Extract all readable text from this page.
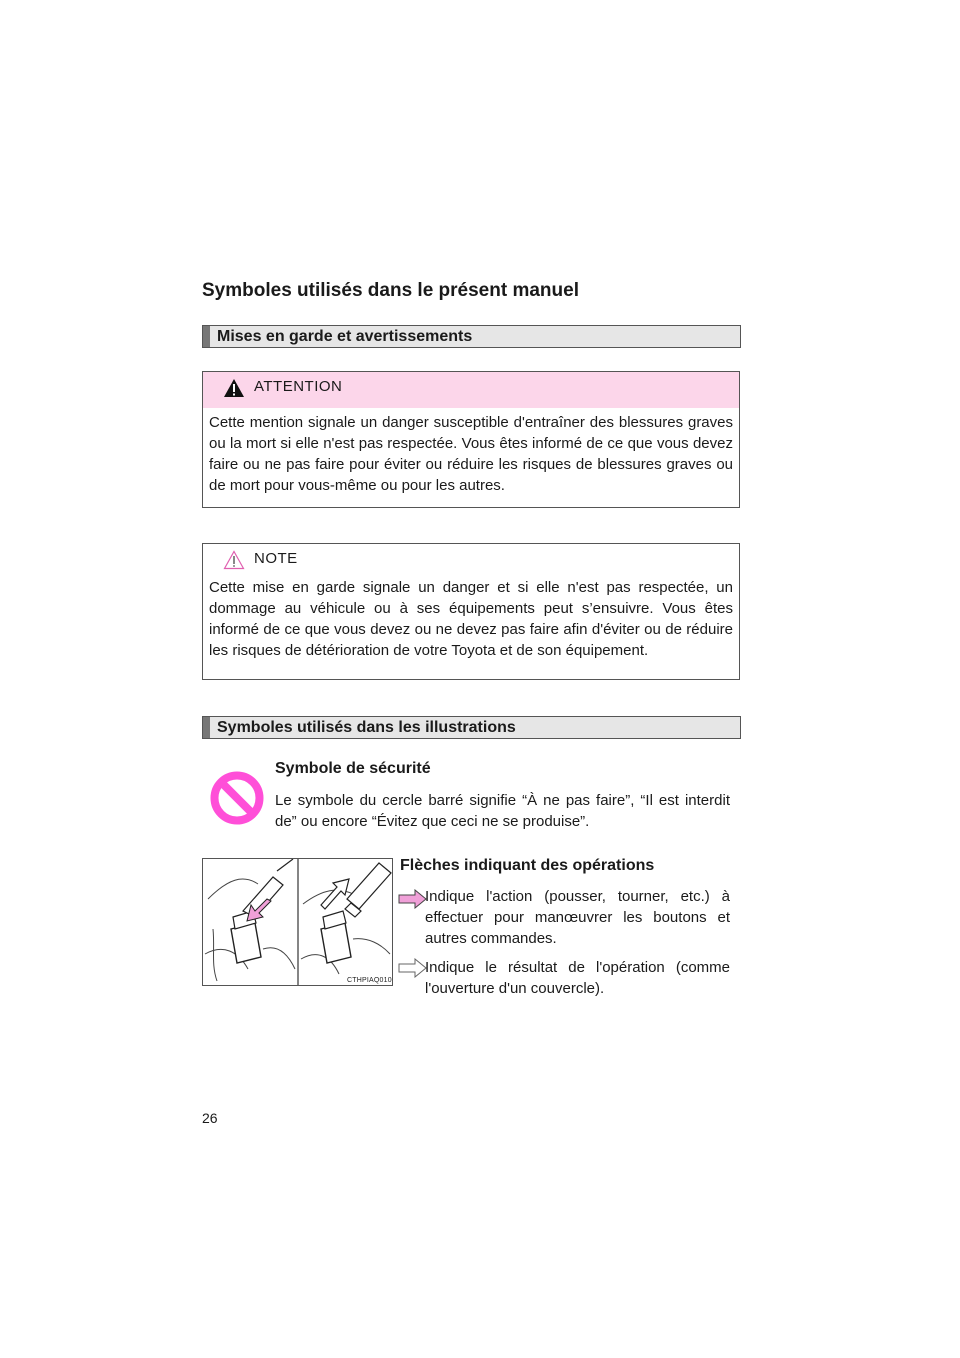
Symboles utilisés dans le présent manuel
Mises en garde et avertissements
ATTENTION
Cette mention signale un danger susceptible d'entraîner des blessures graves ou la mort si elle n'est pas respectée. Vous êtes informé de ce que vous devez faire ou ne pas faire pour éviter ou réduire les risques de blessures graves ou de mort pour vous-même ou pour les autres.
NOTE
Cette mise en garde signale un danger et si elle n'est pas respectée, un dommage au véhicule ou à ses équipements peut s’ensuivre. Vous êtes informé de ce que vous devez ou ne devez pas faire afin d'éviter ou de réduire les risques de détérioration de votre Toyota et de son équipement.
Symboles utilisés dans les illustrations
Symbole de sécurité
Le symbole du cercle barré signifie “À ne pas faire”, “Il est interdit de” ou encore “Évitez que ceci ne se produise”.
CTHPIAQ010
Flèches indiquant des opérations
Indique l'action (pousser, tourner, etc.) à effectuer pour manœuvrer les boutons et autres commandes.
Indique le résultat de l'opération (comme l'ouverture d'un couvercle).
26
